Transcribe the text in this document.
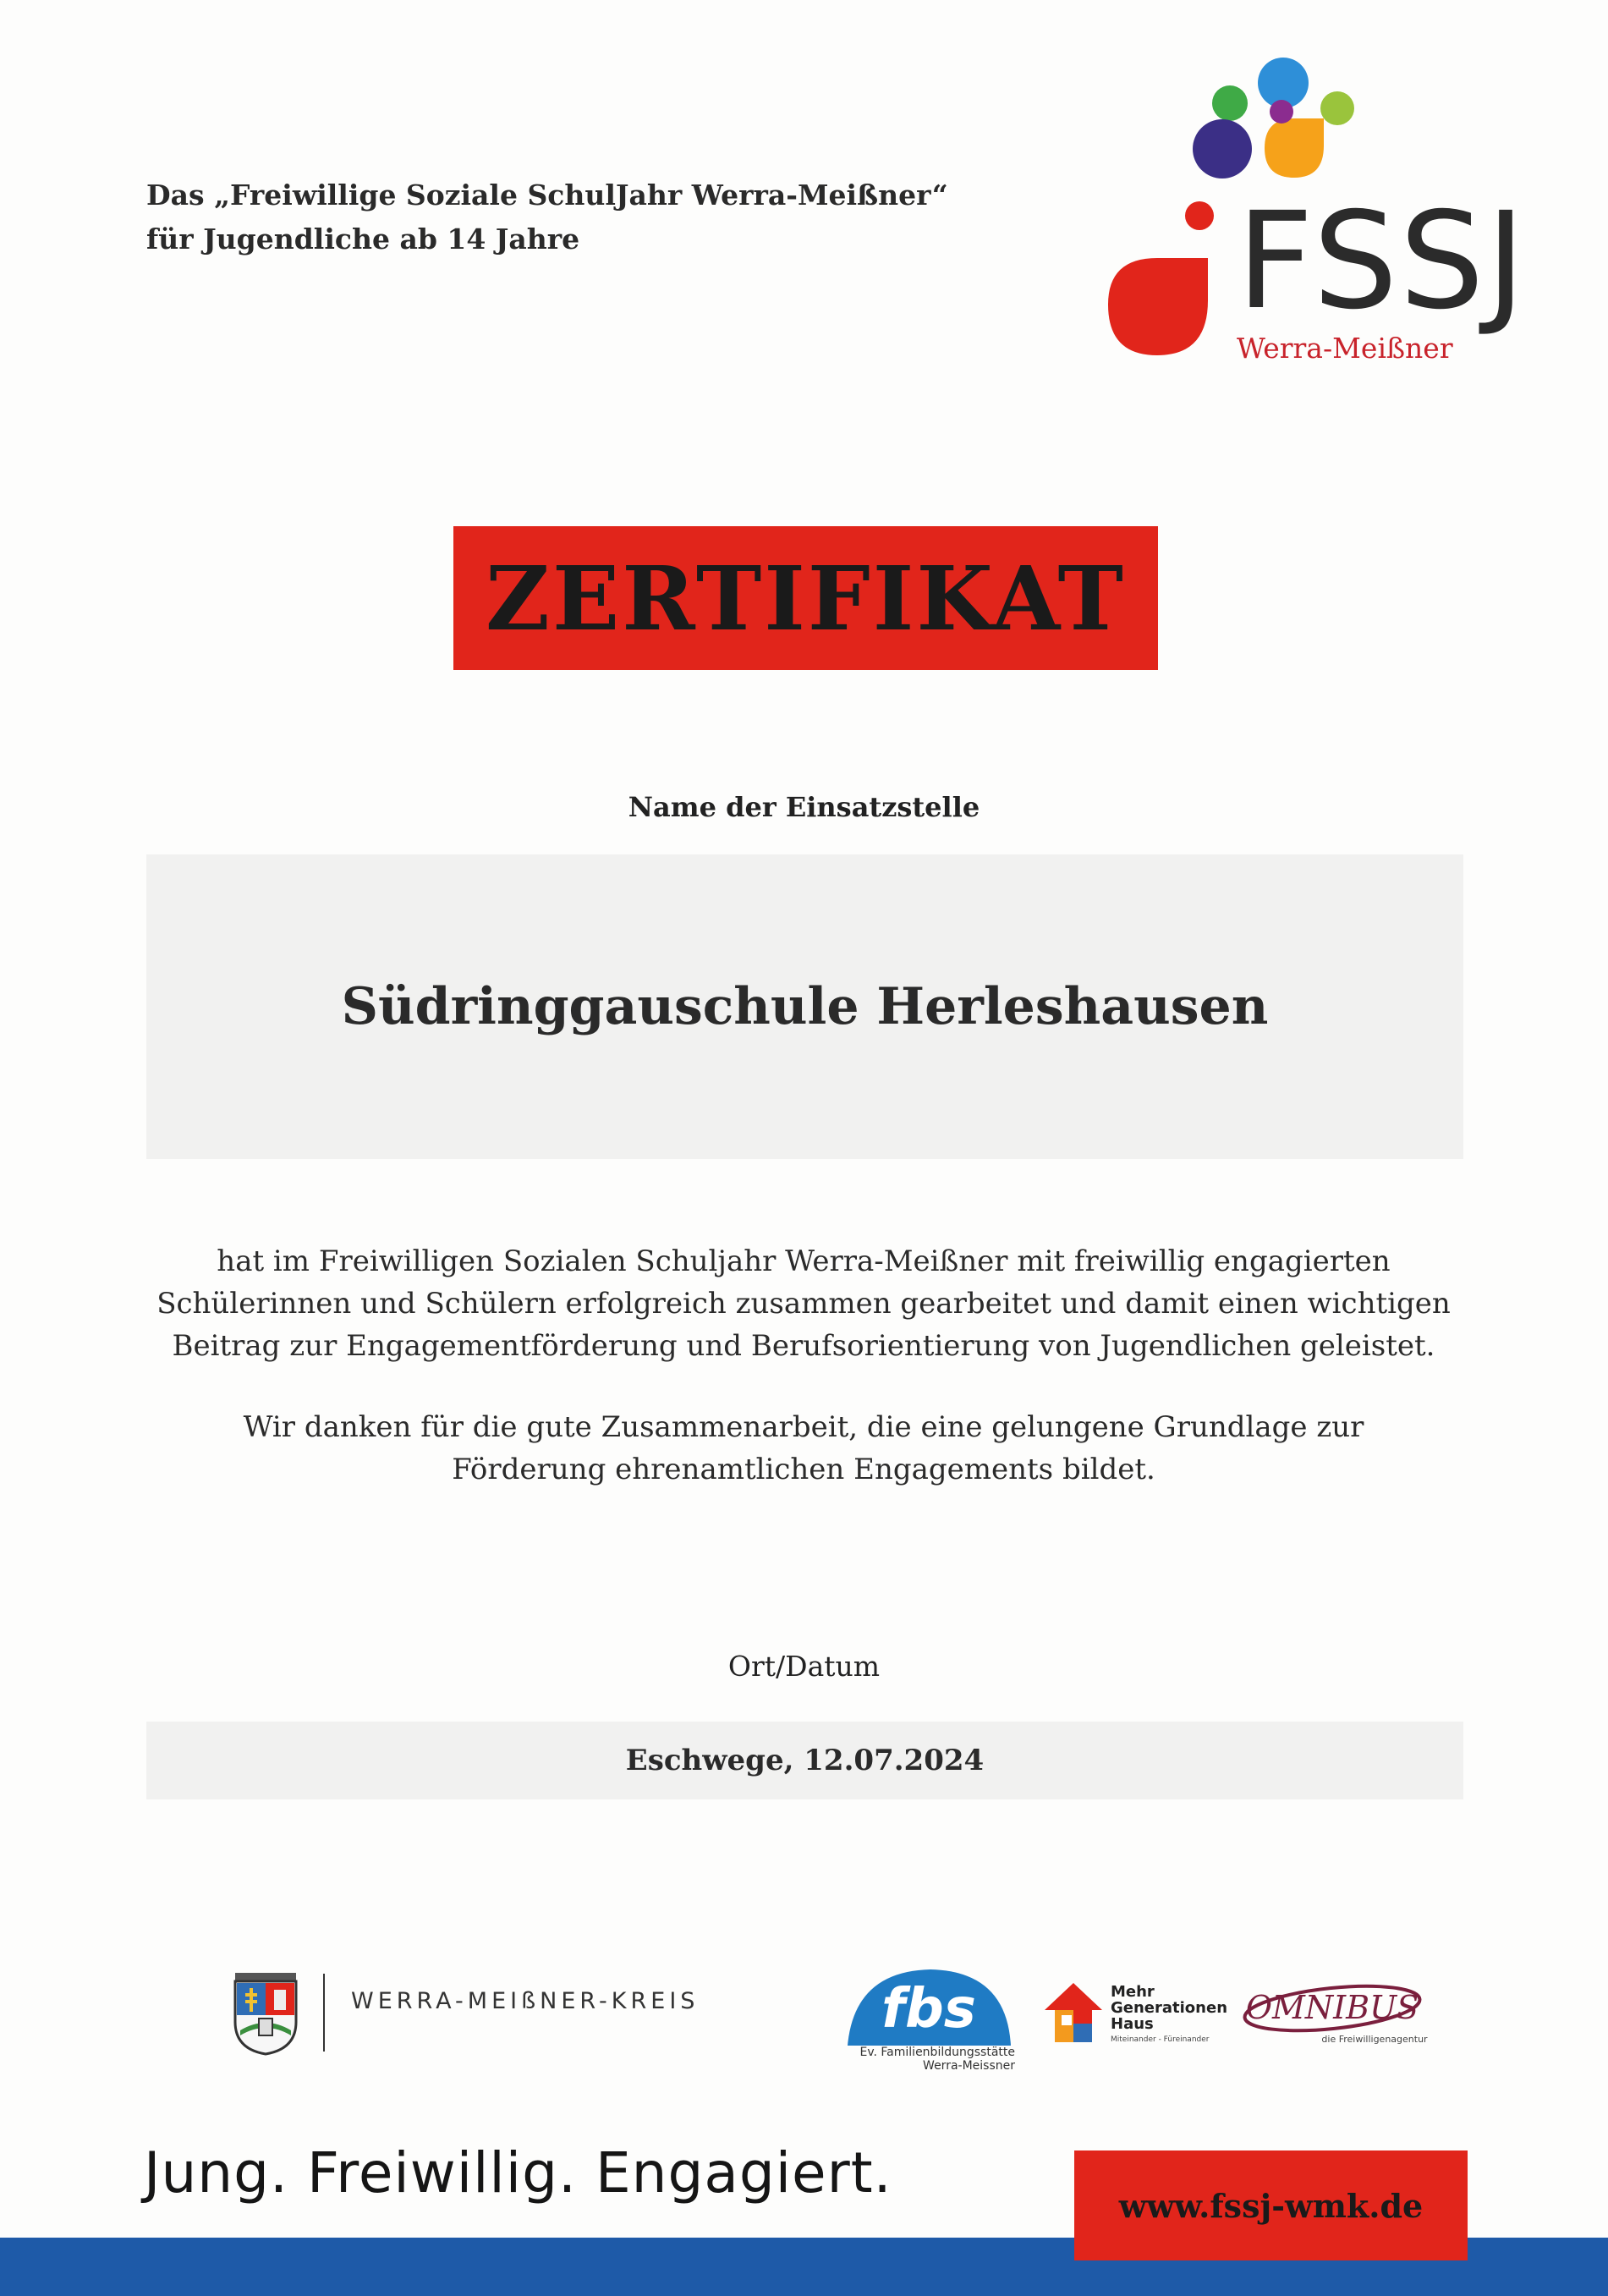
Das „Freiwillige Soziale SchulJahr Werra-Meißner“
für Jugendliche ab 14 Jahre	FSSJ
Werra-Meißner
ZERTIFIKAT
Name der Einsatzstelle
Südringgauschule Herleshausen
hat im Freiwilligen Sozialen Schuljahr Werra-Meißner mit freiwillig engagierten
Schülerinnen und Schülern erfolgreich zusammen gearbeitet und damit einen wichtigen
Beitrag zur Engagementförderung und Berufsorientierung von Jugendlichen geleistet.
Wir danken für die gute Zusammenarbeit, die eine gelungene Grundlage zur
Förderung ehrenamtlichen Engagements bildet.
Ort/Datum
Eschwege, 12.07.2024
WERRA-MEIßNER-KREIS	fbs
Ev. Familienbildungsstätte
Werra-Meissner
Mehr
Generationen
Haus
Miteinander - Füreinander
OMNIBUS
die Freiwilligenagentur
Jung. Freiwillig. Engagiert.	www.fssj-wmk.de
